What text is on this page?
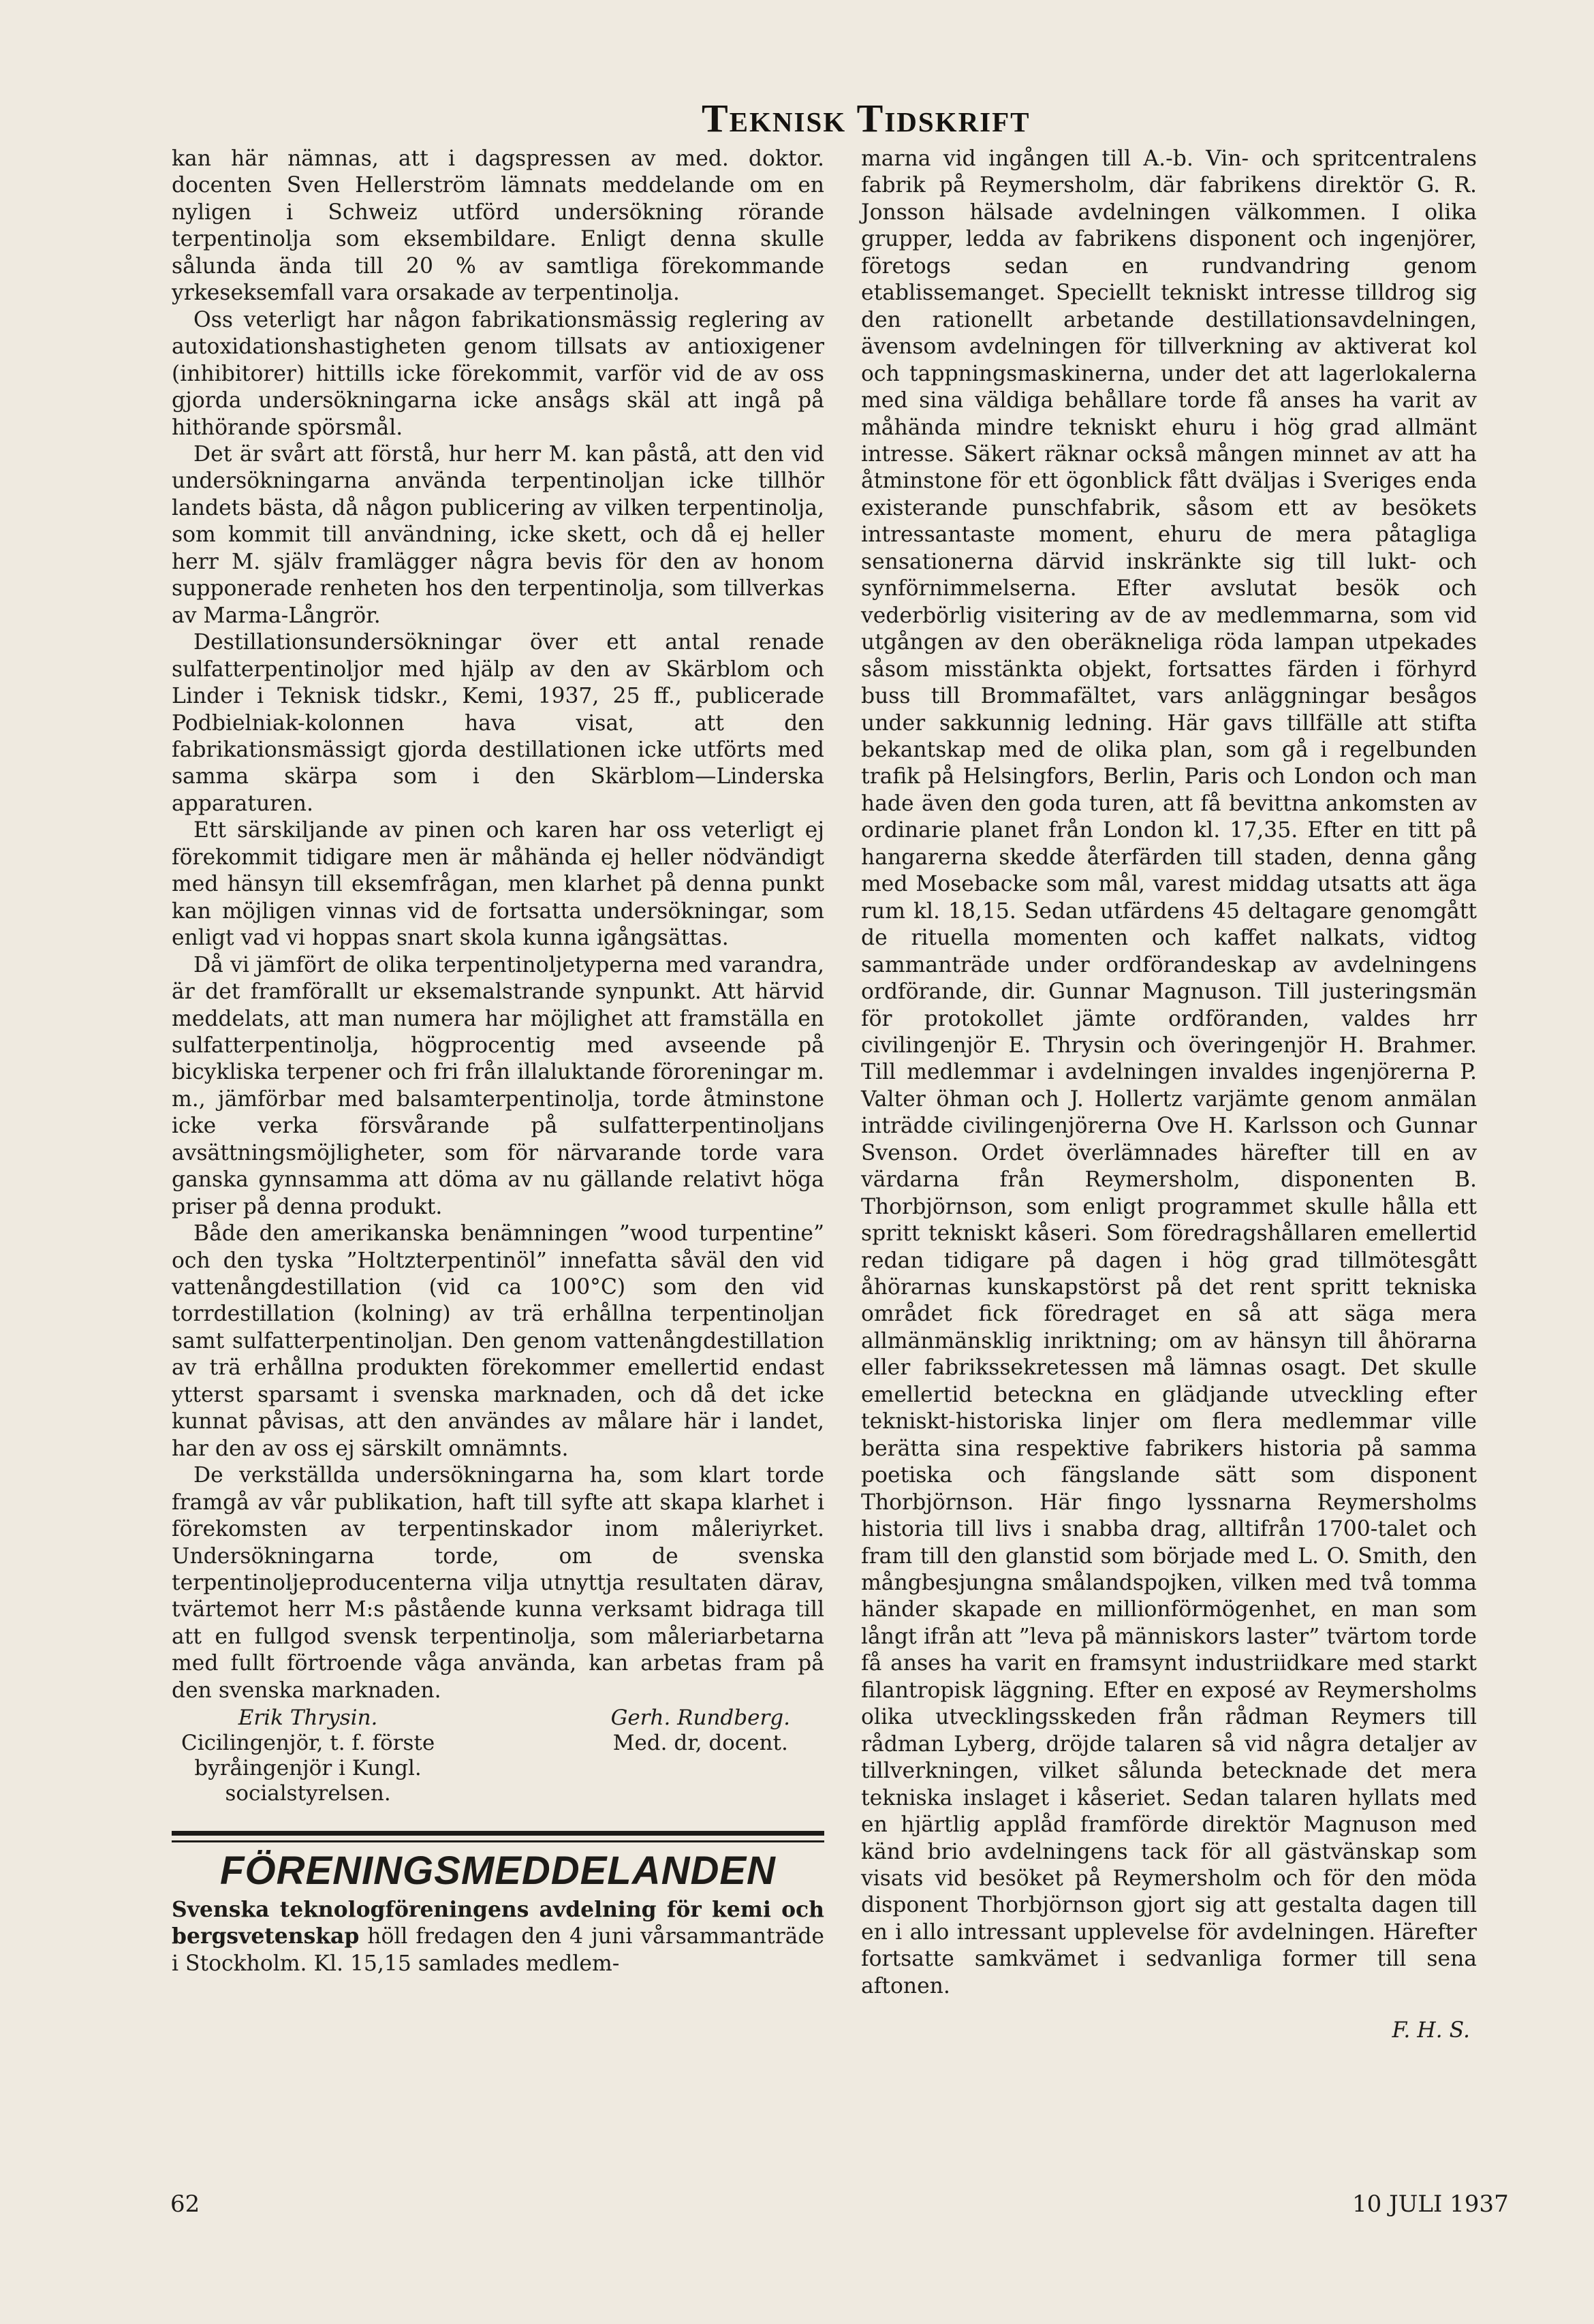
Teknisk Tidskrift

kan här nämnas, att i dagspressen av med. doktor. docenten Sven Hellerström lämnats meddelande om en nyligen i Schweiz utförd undersökning rörande terpentinolja som eksembildare. Enligt denna skulle sålunda ända till 20 % av samtliga förekommande yrkeseksemfall vara orsakade av terpentinolja.

Oss veterligt har någon fabrikationsmässig reglering av autoxidationshastigheten genom tillsats av antioxigener (inhibitorer) hittills icke förekommit, varför vid de av oss gjorda undersökningarna icke ansågs skäl att ingå på hithörande spörsmål.

Det är svårt att förstå, hur herr M. kan påstå, att den vid undersökningarna använda terpentinoljan icke tillhör landets bästa, då någon publicering av vilken terpentinolja, som kommit till användning, icke skett, och då ej heller herr M. själv framlägger några bevis för den av honom supponerade renheten hos den terpentinolja, som tillverkas av Marma-Långrör.

Destillationsundersökningar över ett antal renade sulfatterpentinoljor med hjälp av den av Skärblom och Linder i Teknisk tidskr., Kemi, 1937, 25 ff., publicerade Podbielniak-kolonnen hava visat, att den fabrikationsmässigt gjorda destillationen icke utförts med samma skärpa som i den Skärblom—Linderska apparaturen.

Ett särskiljande av pinen och karen har oss veterligt ej förekommit tidigare men är måhända ej heller nödvändigt med hänsyn till eksemfrågan, men klarhet på denna punkt kan möjligen vinnas vid de fortsatta undersökningar, som enligt vad vi hoppas snart skola kunna igångsättas.

Då vi jämfört de olika terpentinoljetyperna med varandra, är det framförallt ur eksemalstrande synpunkt. Att härvid meddelats, att man numera har möjlighet att framställa en sulfatterpentinolja, högprocentig med avseende på bicykliska terpener och fri från illaluktande föroreningar m. m., jämförbar med balsamterpentinolja, torde åtminstone icke verka försvårande på sulfatterpentinoljans avsättningsmöjligheter, som för närvarande torde vara ganska gynnsamma att döma av nu gällande relativt höga priser på denna produkt.

Både den amerikanska benämningen ”wood turpentine” och den tyska ”Holtzterpentinöl” innefatta såväl den vid vattenångdestillation (vid ca 100°C) som den vid torrdestillation (kolning) av trä erhållna terpentinoljan samt sulfatterpentinoljan. Den genom vattenångdestillation av trä erhållna produkten förekommer emellertid endast ytterst sparsamt i svenska marknaden, och då det icke kunnat påvisas, att den användes av målare här i landet, har den av oss ej särskilt omnämnts.

De verkställda undersökningarna ha, som klart torde framgå av vår publikation, haft till syfte att skapa klarhet i förekomsten av terpentinskador inom måleriyrket. Undersökningarna torde, om de svenska terpentinoljeproducenterna vilja utnyttja resultaten därav, tvärtemot herr M:s påstående kunna verksamt bidraga till att en fullgod svensk terpentinolja, som måleriarbetarna med fullt förtroende våga använda, kan arbetas fram på den svenska marknaden.

Erik Thrysin.
Cicilingenjör, t. f. förste
byråingenjör i Kungl.
socialstyrelsen.
Gerh. Rundberg.
Med. dr, docent.
FÖRENINGSMEDDELANDEN

Svenska teknologföreningens avdelning för kemi och bergsvetenskap höll fredagen den 4 juni vårsammanträde i Stockholm. Kl. 15,15 samlades medlem-

marna vid ingången till A.-b. Vin- och spritcentralens fabrik på Reymersholm, där fabrikens direktör G. R. Jonsson hälsade avdelningen välkommen. I olika grupper, ledda av fabrikens disponent och ingenjörer, företogs sedan en rundvandring genom etablissemanget. Speciellt tekniskt intresse tilldrog sig den rationellt arbetande destillationsavdelningen, ävensom avdelningen för tillverkning av aktiverat kol och tappningsmaskinerna, under det att lagerlokalerna med sina väldiga behållare torde få anses ha varit av måhända mindre tekniskt ehuru i hög grad allmänt intresse. Säkert räknar också mången minnet av att ha åtminstone för ett ögonblick fått dväljas i Sveriges enda existerande punschfabrik, såsom ett av besökets intressantaste moment, ehuru de mera påtagliga sensationerna därvid inskränkte sig till lukt- och synförnimmelserna. Efter avslutat besök och vederbörlig visitering av de av medlemmarna, som vid utgången av den oberäkneliga röda lampan utpekades såsom misstänkta objekt, fortsattes färden i förhyrd buss till Brommafältet, vars anläggningar besågos under sakkunnig ledning. Här gavs tillfälle att stifta bekantskap med de olika plan, som gå i regelbunden trafik på Helsingfors, Berlin, Paris och London och man hade även den goda turen, att få bevittna ankomsten av ordinarie planet från London kl. 17,35. Efter en titt på hangarerna skedde återfärden till staden, denna gång med Mosebacke som mål, varest middag utsatts att äga rum kl. 18,15. Sedan utfärdens 45 deltagare genomgått de rituella momenten och kaffet nalkats, vidtog sammanträde under ordförandeskap av avdelningens ordförande, dir. Gunnar Magnuson. Till justeringsmän för protokollet jämte ordföranden, valdes hrr civilingenjör E. Thrysin och överingenjör H. Brahmer. Till medlemmar i avdelningen invaldes ingenjörerna P. Valter öhman och J. Hollertz varjämte genom anmälan inträdde civilingenjörerna Ove H. Karlsson och Gunnar Svenson. Ordet överlämnades härefter till en av värdarna från Reymersholm, disponenten B. Thorbjörnson, som enligt programmet skulle hålla ett spritt tekniskt kåseri. Som föredragshållaren emellertid redan tidigare på dagen i hög grad tillmötesgått åhörarnas kunskapstörst på det rent spritt tekniska området fick föredraget en så att säga mera allmänmänsklig inriktning; om av hänsyn till åhörarna eller fabrikssekretessen må lämnas osagt. Det skulle emellertid beteckna en glädjande utveckling efter tekniskt-historiska linjer om flera medlemmar ville berätta sina respektive fabrikers historia på samma poetiska och fängslande sätt som disponent Thorbjörnson. Här fingo lyssnarna Reymersholms historia till livs i snabba drag, alltifrån 1700-talet och fram till den glanstid som började med L. O. Smith, den mångbesjungna smålandspojken, vilken med två tomma händer skapade en millionförmögenhet, en man som långt ifrån att ”leva på människors laster” tvärtom torde få anses ha varit en framsynt industriidkare med starkt filantropisk läggning. Efter en exposé av Reymersholms olika utvecklingsskeden från rådman Reymers till rådman Lyberg, dröjde talaren så vid några detaljer av tillverkningen, vilket sålunda betecknade det mera tekniska inslaget i kåseriet. Sedan talaren hyllats med en hjärtlig applåd framförde direktör Magnuson med känd brio avdelningens tack för all gästvänskap som visats vid besöket på Reymersholm och för den möda disponent Thorbjörnson gjort sig att gestalta dagen till en i allo intressant upplevelse för avdelningen. Härefter fortsatte samkvämet i sedvanliga former till sena aftonen.

F. H. S.
62	10 JULI 1937
